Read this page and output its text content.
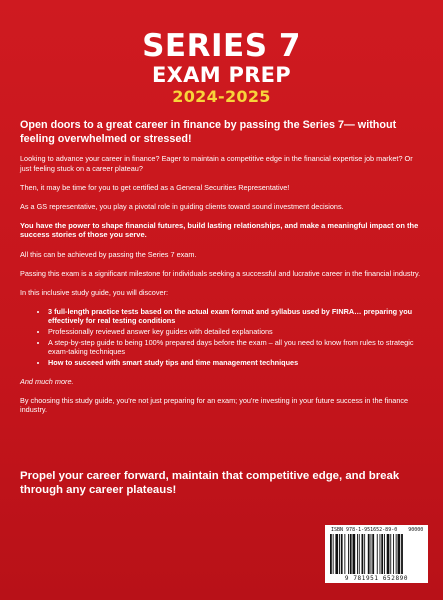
SERIES 7
EXAM PREP
2024-2025
Open doors to a great career in finance by passing the Series 7— without feeling overwhelmed or stressed!

Looking to advance your career in finance? Eager to maintain a competitive edge in the financial expertise job market? Or just feeling stuck on a career plateau?

Then, it may be time for you to get certified as a General Securities Representative!

As a GS representative, you play a pivotal role in guiding clients toward sound investment decisions.

You have the power to shape financial futures, build lasting relationships, and make a meaningful impact on the success stories of those you serve.

All this can be achieved by passing the Series 7 exam.

Passing this exam is a significant milestone for individuals seeking a successful and lucrative career in the financial industry.

In this inclusive study guide, you will discover:

• 3 full-length practice tests based on the actual exam format and syllabus used by FINRA… preparing you effectively for real testing conditions
• Professionally reviewed answer key guides with detailed explanations
• A step-by-step guide to being 100% prepared days before the exam – all you need to know from rules to strategic exam-taking techniques
• How to succeed with smart study tips and time management techniques

And much more.

By choosing this study guide, you're not just preparing for an exam; you're investing in your future success in the finance industry.

Propel your career forward, maintain that competitive edge, and break through any career plateaus!
ISBN 978-1-951652-89-0 90000
9 781951 652890
